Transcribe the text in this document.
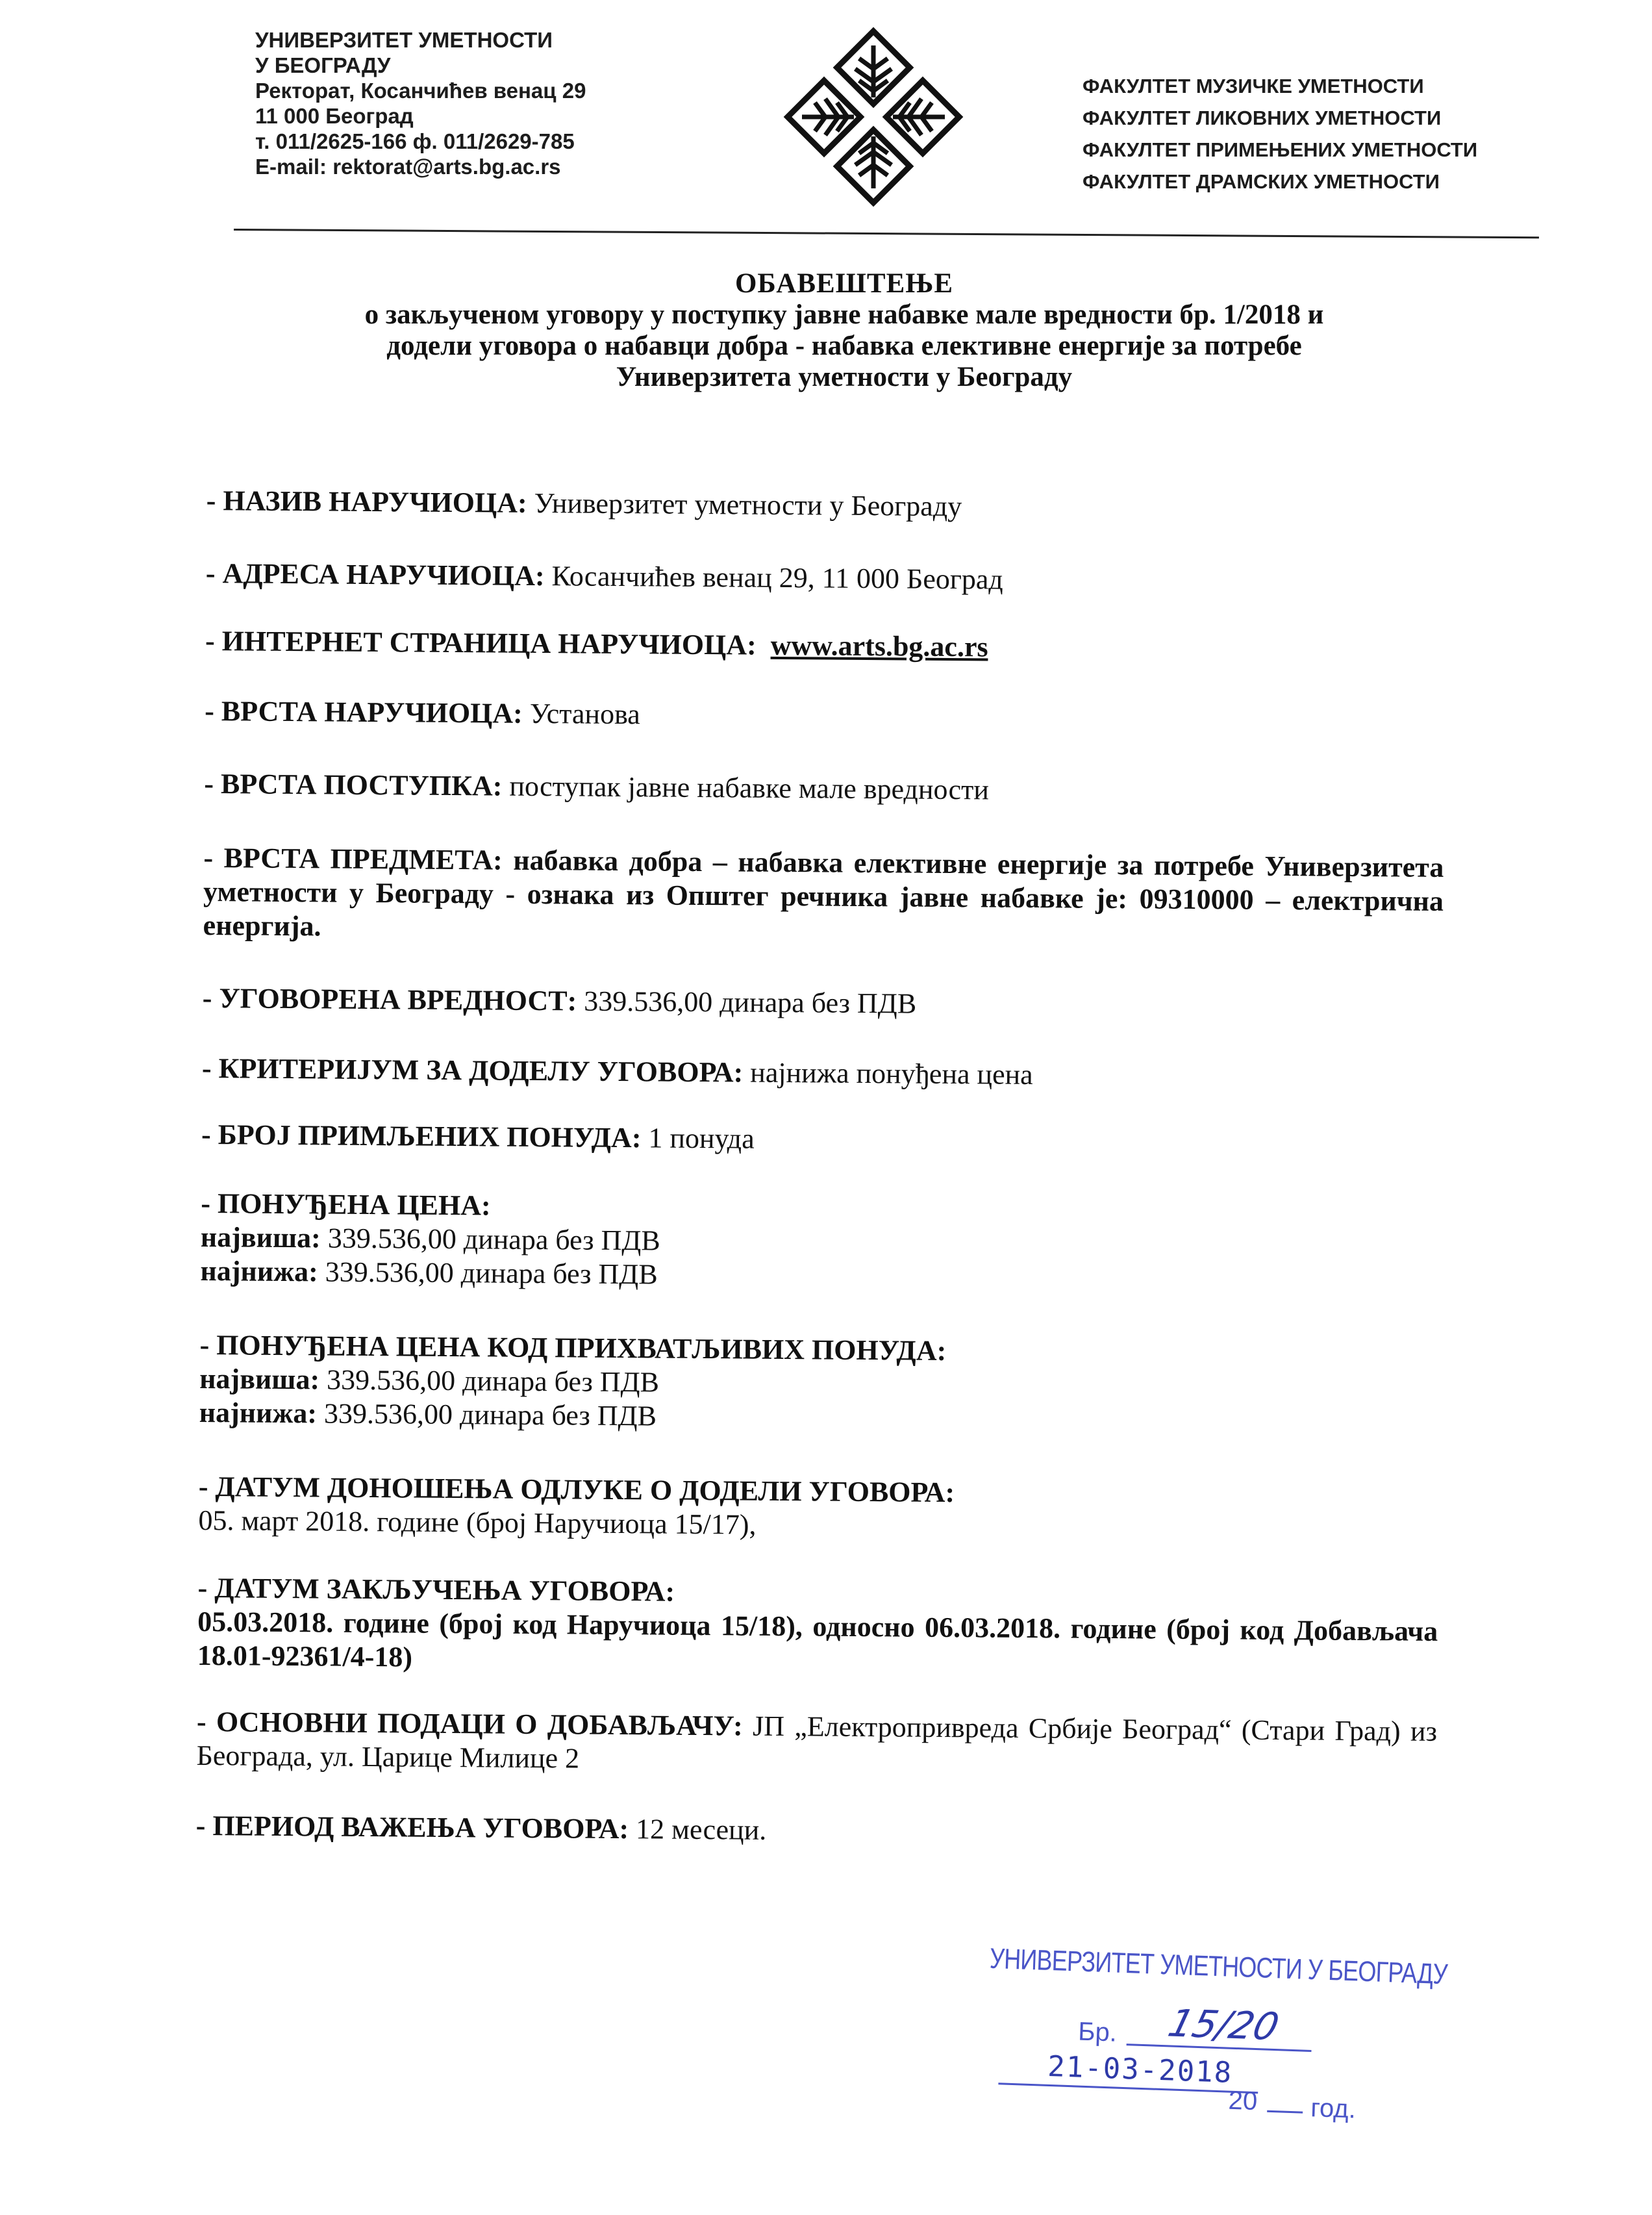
УНИВЕРЗИТЕТ УМЕТНОСТИ
У БЕОГРАДУ
Ректорат, Косанчићев венац 29
11 000 Београд
т. 011/2625-166 ф. 011/2629-785
E-mail: rektorat@arts.bg.ac.rs
ФАКУЛТЕТ МУЗИЧКЕ УМЕТНОСТИ
ФАКУЛТЕТ ЛИКОВНИХ УМЕТНОСТИ
ФАКУЛТЕТ ПРИМЕЊЕНИХ УМЕТНОСТИ
ФАКУЛТЕТ ДРАМСКИХ УМЕТНОСТИ
ОБАВЕШТЕЊЕ
о закљученом уговору у поступку јавне набавке мале вредности бр. 1/2018 и
додели уговора о набавци добра - набавка елективне енергије за потребе
Универзитета уметности у Београду

- НАЗИВ НАРУЧИОЦА: Универзитет уметности у Београду

- АДРЕСА НАРУЧИОЦА: Косанчићев венац 29, 11 000 Београд

- ИНТЕРНЕТ СТРАНИЦА НАРУЧИОЦА: www.arts.bg.ac.rs

- ВРСТА НАРУЧИОЦА: Установа

- ВРСТА ПОСТУПКА: поступак јавне набавке мале вредности

- ВРСТА ПРЕДМЕТА: набавка добра – набавка елективне енергије за потребе Универзитета уметности у Београду - ознака из Општег речника јавне набавке је: 09310000 – електрична енергија.

- УГОВОРЕНА ВРЕДНОСТ: 339.536,00 динара без ПДВ

- КРИТЕРИЈУМ ЗА ДОДЕЛУ УГОВОРА: најнижа понуђена цена

- БРОЈ ПРИМЉЕНИХ ПОНУДА: 1 понуда

- ПОНУЂЕНА ЦЕНА:

највиша: 339.536,00 динара без ПДВ

најнижа: 339.536,00 динара без ПДВ

- ПОНУЂЕНА ЦЕНА КОД ПРИХВАТЉИВИХ ПОНУДА:

највиша: 339.536,00 динара без ПДВ

најнижа: 339.536,00 динара без ПДВ

- ДАТУМ ДОНОШЕЊА ОДЛУКЕ О ДОДЕЛИ УГОВОРА:

05. март 2018. године (број Наручиоца 15/17),

- ДАТУМ ЗАКЉУЧЕЊА УГОВОРА:

05.03.2018. године (број код Наручиоца 15/18), односно 06.03.2018. године (број код Добављача 18.01-92361/4-18)

- ОСНОВНИ ПОДАЦИ О ДОБАВЉАЧУ: ЈП „Електропривреда Србије Београд“ (Стари Град) из Београда, ул. Царице Милице 2

- ПЕРИОД ВАЖЕЊА УГОВОРА: 12 месеци.

УНИВЕРЗИТЕТ УМЕТНОСТИ У БЕОГРАДУ
Бр. 15/20
21-03-2018
20 год.
